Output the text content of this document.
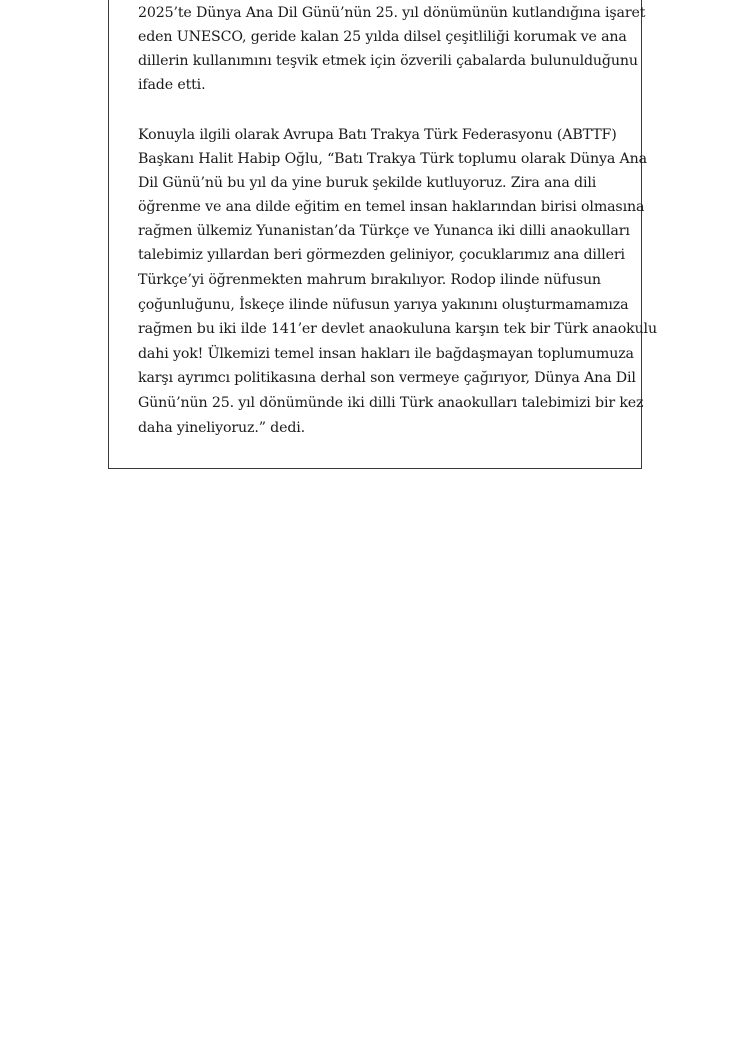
2025’te Dünya Ana Dil Günü’nün 25. yıl dönümünün kutlandığına işaret
eden UNESCO, geride kalan 25 yılda dilsel çeşitliliği korumak ve ana
dillerin kullanımını teşvik etmek için özverili çabalarda bulunulduğunu
ifade etti.
Konuyla ilgili olarak Avrupa Batı Trakya Türk Federasyonu (ABTTF)
Başkanı Halit Habip Oğlu, “Batı Trakya Türk toplumu olarak Dünya Ana
Dil Günü’nü bu yıl da yine buruk şekilde kutluyoruz. Zira ana dili
öğrenme ve ana dilde eğitim en temel insan haklarından birisi olmasına
rağmen ülkemiz Yunanistan’da Türkçe ve Yunanca iki dilli anaokulları
talebimiz yıllardan beri görmezden geliniyor, çocuklarımız ana dilleri
Türkçe’yi öğrenmekten mahrum bırakılıyor. Rodop ilinde nüfusun
çoğunluğunu, İskeçe ilinde nüfusun yarıya yakınını oluşturmamamıza
rağmen bu iki ilde 141’er devlet anaokuluna karşın tek bir Türk anaokulu
dahi yok! Ülkemizi temel insan hakları ile bağdaşmayan toplumumuza
karşı ayrımcı politikasına derhal son vermeye çağırıyor, Dünya Ana Dil
Günü’nün 25. yıl dönümünde iki dilli Türk anaokulları talebimizi bir kez
daha yineliyoruz.” dedi.
